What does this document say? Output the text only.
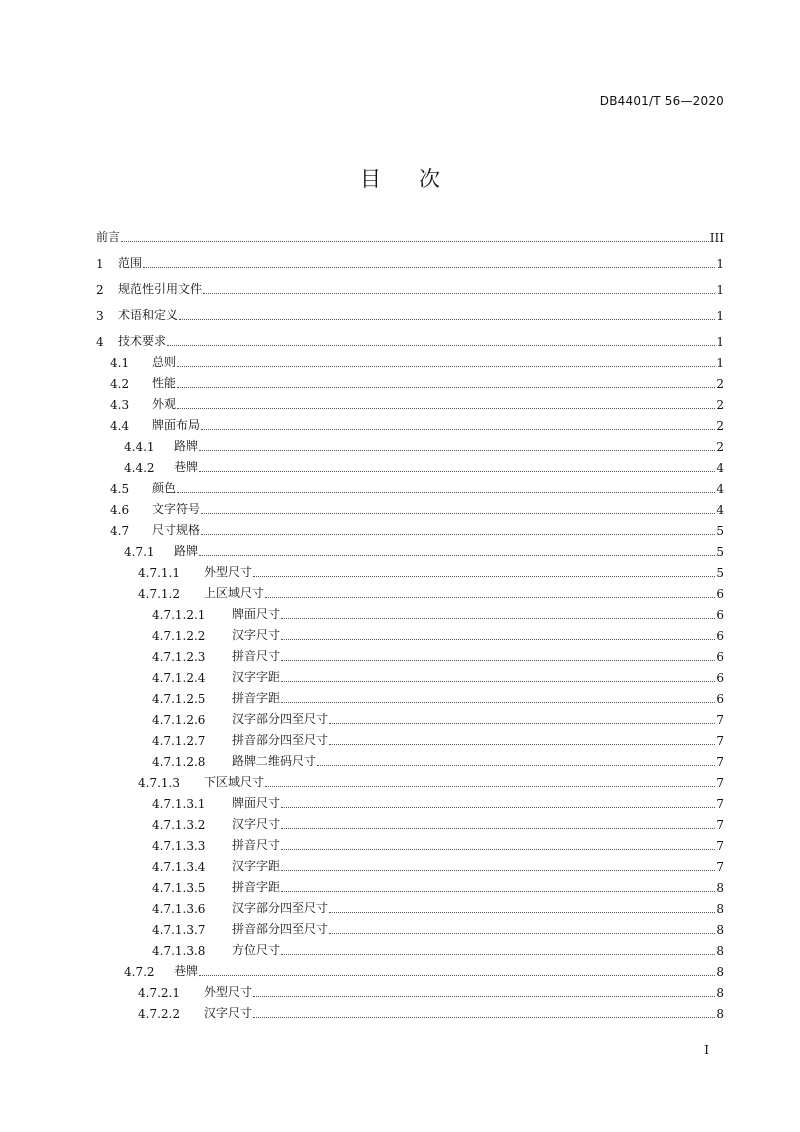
DB4401/T 56—2020
目次
前言	III
1	范围	1
2	规范性引用文件	1
3	术语和定义	1
4	技术要求	1
4.1	总则	1
4.2	性能	2
4.3	外观	2
4.4	牌面布局	2
4.4.1	路牌	2
4.4.2	巷牌	4
4.5	颜色	4
4.6	文字符号	4
4.7	尺寸规格	5
4.7.1	路牌	5
4.7.1.1	外型尺寸	5
4.7.1.2	上区域尺寸	6
4.7.1.2.1	牌面尺寸	6
4.7.1.2.2	汉字尺寸	6
4.7.1.2.3	拼音尺寸	6
4.7.1.2.4	汉字字距	6
4.7.1.2.5	拼音字距	6
4.7.1.2.6	汉字部分四至尺寸	7
4.7.1.2.7	拼音部分四至尺寸	7
4.7.1.2.8	路牌二维码尺寸	7
4.7.1.3	下区域尺寸	7
4.7.1.3.1	牌面尺寸	7
4.7.1.3.2	汉字尺寸	7
4.7.1.3.3	拼音尺寸	7
4.7.1.3.4	汉字字距	7
4.7.1.3.5	拼音字距	8
4.7.1.3.6	汉字部分四至尺寸	8
4.7.1.3.7	拼音部分四至尺寸	8
4.7.1.3.8	方位尺寸	8
4.7.2	巷牌	8
4.7.2.1	外型尺寸	8
4.7.2.2	汉字尺寸	8
I
